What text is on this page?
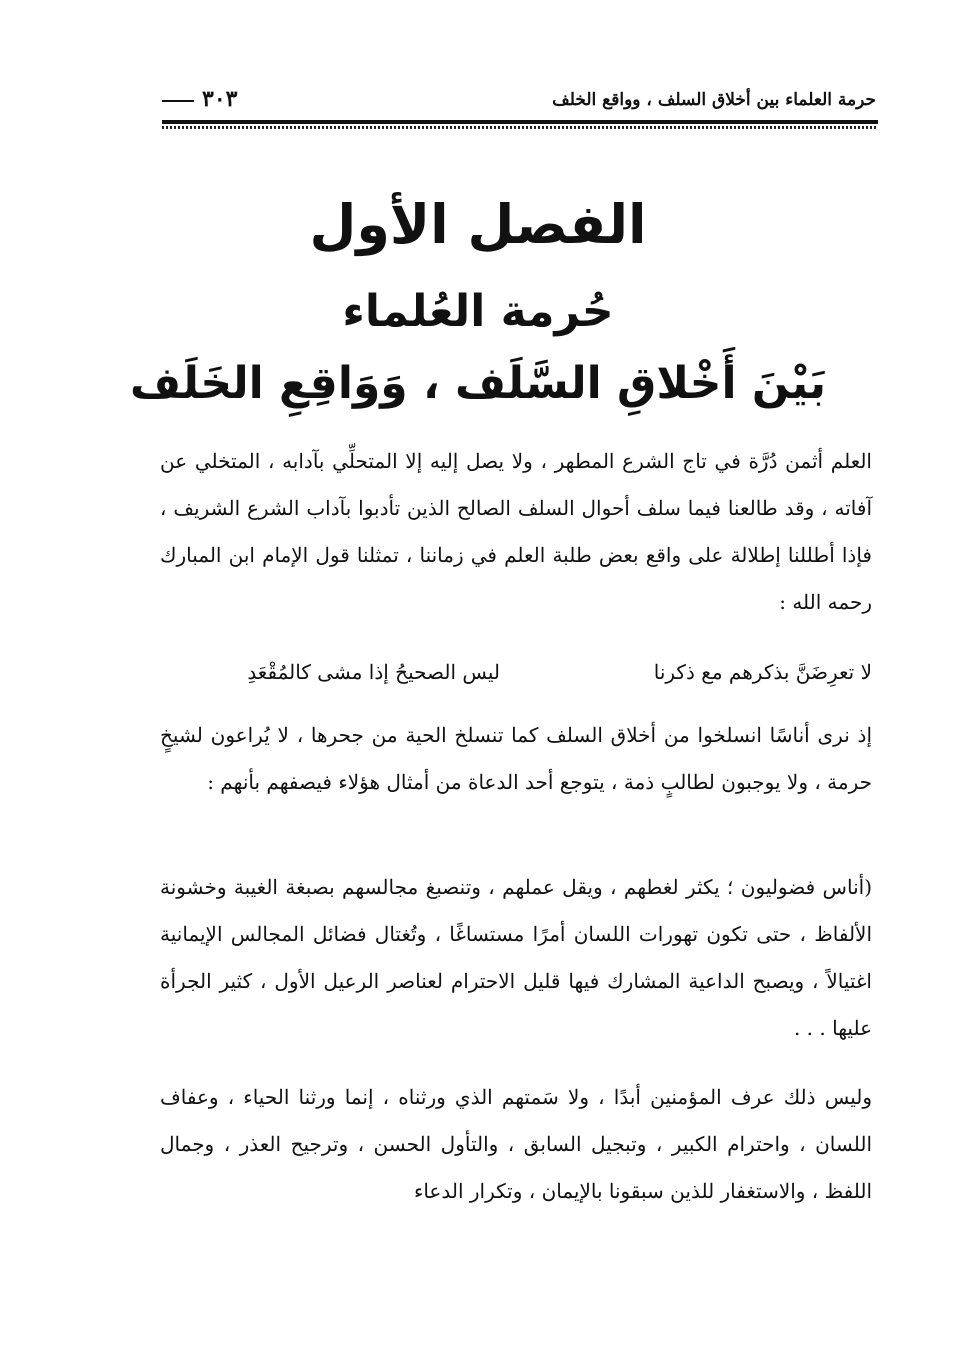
حرمة العلماء بين أخلاق السلف ، وواقع الخلف
٣٠٣
الفصل الأول
حُرمة العُلماء
بَيْنَ أَخْلاقِ السَّلَف ، وَوَاقِعِ الخَلَف
العلم أثمن دُرَّة في تاج الشرع المطهر ، ولا يصل إليه إلا المتحلِّي بآدابه ، المتخلي عن آفاته ، وقد طالعنا فيما سلف أحوال السلف الصالح الذين تأدبوا بآداب الشرع الشريف ، فإذا أطللنا إطلالة على واقع بعض طلبة العلم في زماننا ، تمثلنا قول الإمام ابن المبارك رحمه الله :
لا تعرِضَنَّ بذكرهم مع ذكرنا
ليس الصحيحُ إذا مشى كالمُقْعَدِ
إذ نرى أناسًا انسلخوا من أخلاق السلف كما تنسلخ الحية من جحرها ، لا يُراعون لشيخٍ حرمة ، ولا يوجبون لطالبٍ ذمة ، يتوجع أحد الدعاة من أمثال هؤلاء فيصفهم بأنهم :
(أناس فضوليون ؛ يكثر لغطهم ، ويقل عملهم ، وتنصبغ مجالسهم بصبغة الغيبة وخشونة الألفاظ ، حتى تكون تهورات اللسان أمرًا مستساغًا ، وتُغتال فضائل المجالس الإيمانية اغتيالاً ، ويصبح الداعية المشارك فيها قليل الاحترام لعناصر الرعيل الأول ، كثير الجرأة عليها . . .
وليس ذلك عرف المؤمنين أبدًا ، ولا سَمتهم الذي ورثناه ، إنما ورثنا الحياء ، وعفاف اللسان ، واحترام الكبير ، وتبجيل السابق ، والتأول الحسن ، وترجيح العذر ، وجمال اللفظ ، والاستغفار للذين سبقونا بالإيمان ، وتكرار الدعاء
